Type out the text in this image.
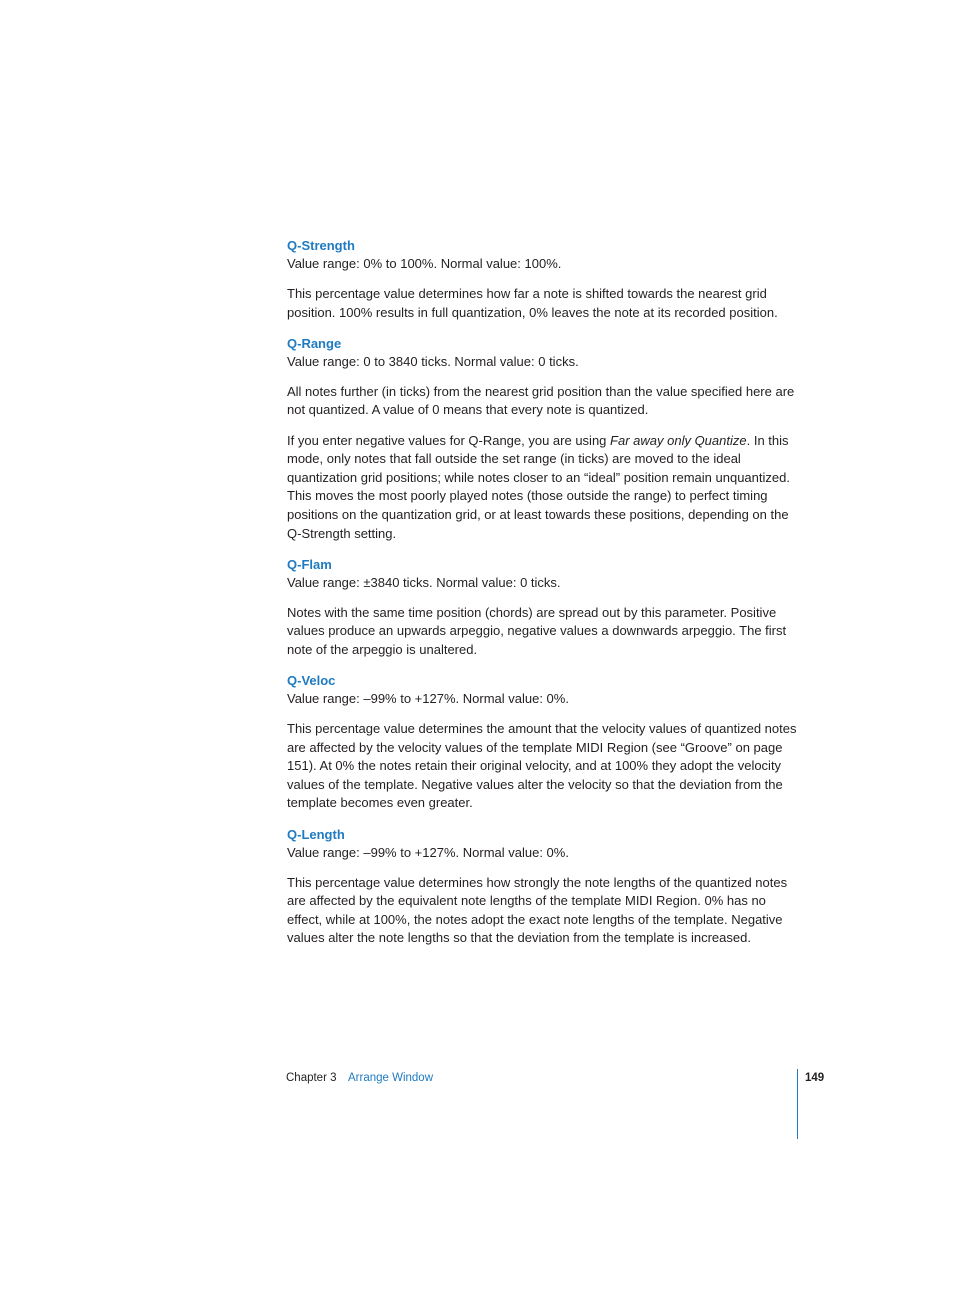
Q-Strength

Value range: 0% to 100%. Normal value: 100%.

This percentage value determines how far a note is shifted towards the nearest grid position. 100% results in full quantization, 0% leaves the note at its recorded position.

Q-Range

Value range: 0 to 3840 ticks. Normal value: 0 ticks.

All notes further (in ticks) from the nearest grid position than the value specified here are not quantized. A value of 0 means that every note is quantized.

If you enter negative values for Q-Range, you are using Far away only Quantize. In this mode, only notes that fall outside the set range (in ticks) are moved to the ideal quantization grid positions; while notes closer to an “ideal” position remain unquantized. This moves the most poorly played notes (those outside the range) to perfect timing positions on the quantization grid, or at least towards these positions, depending on the Q-Strength setting.

Q-Flam

Value range: ±3840 ticks. Normal value: 0 ticks.

Notes with the same time position (chords) are spread out by this parameter. Positive values produce an upwards arpeggio, negative values a downwards arpeggio. The first note of the arpeggio is unaltered.

Q-Veloc

Value range: –99% to +127%. Normal value: 0%.

This percentage value determines the amount that the velocity values of quantized notes are affected by the velocity values of the template MIDI Region (see “Groove” on page 151). At 0% the notes retain their original velocity, and at 100% they adopt the velocity values of the template. Negative values alter the velocity so that the deviation from the template becomes even greater.

Q-Length

Value range: –99% to +127%. Normal value: 0%.

This percentage value determines how strongly the note lengths of the quantized notes are affected by the equivalent note lengths of the template MIDI Region. 0% has no effect, while at 100%, the notes adopt the exact note lengths of the template. Negative values alter the note lengths so that the deviation from the template is increased.

Chapter 3 Arrange Window	149
